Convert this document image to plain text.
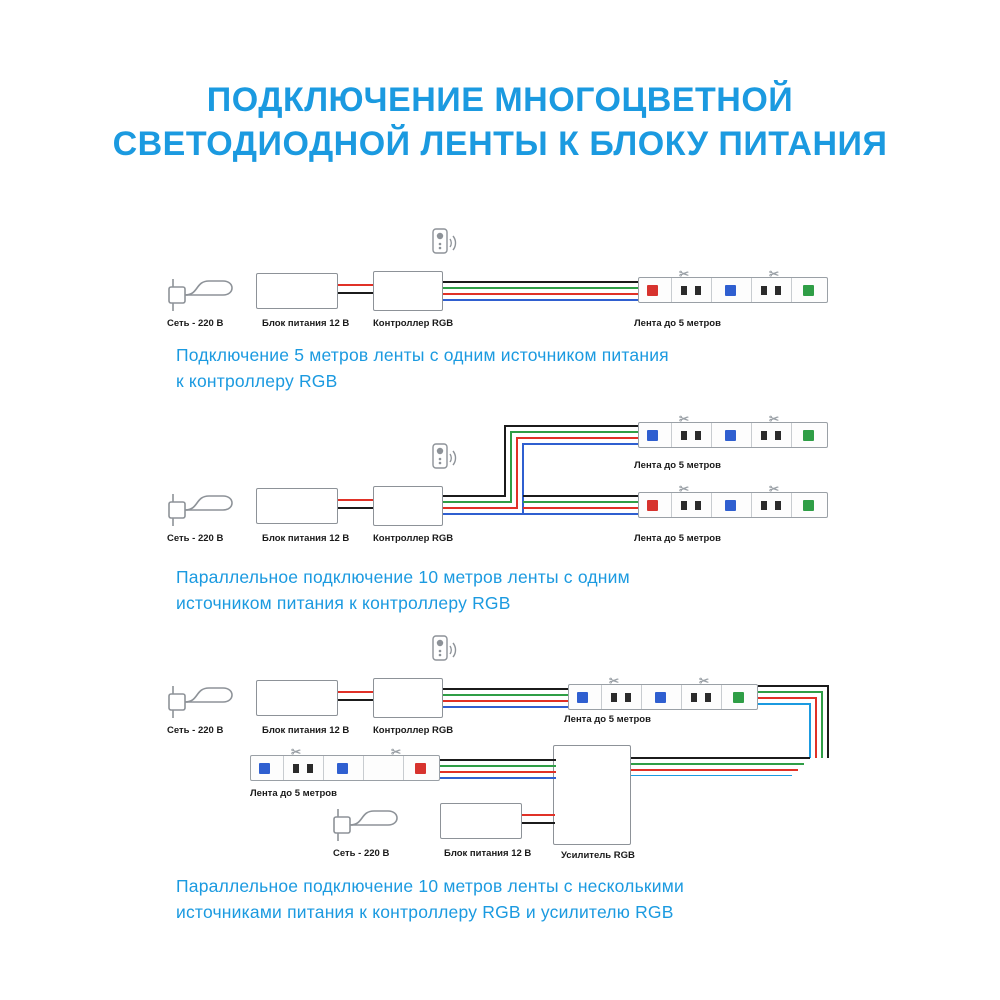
ПОДКЛЮЧЕНИЕ МНОГОЦВЕТНОЙ
СВЕТОДИОДНОЙ ЛЕНТЫ К БЛОКУ ПИТАНИЯ
Сеть - 220 В	Блок питания 12 В Контроллер RGB
✂	✂
Лента до 5 метров
Подключение 5 метров ленты с одним источником питания
к контроллеру RGB
Сеть - 220 В	Блок питания 12 В Контроллер RGB
✂	✂
Лента до 5 метров
✂	✂
Лента до 5 метров
Параллельное подключение 10 метров ленты с одним
источником питания к контроллеру RGB
Сеть - 220 В	Блок питания 12 В Контроллер RGB
✂	✂
Лента до 5 метров
Усилитель RGB
✂	✂
Лента до 5 метров
Сеть - 220 В	Блок питания 12 В
Параллельное подключение 10 метров ленты с несколькими
источниками питания к контроллеру RGB и усилителю RGB
